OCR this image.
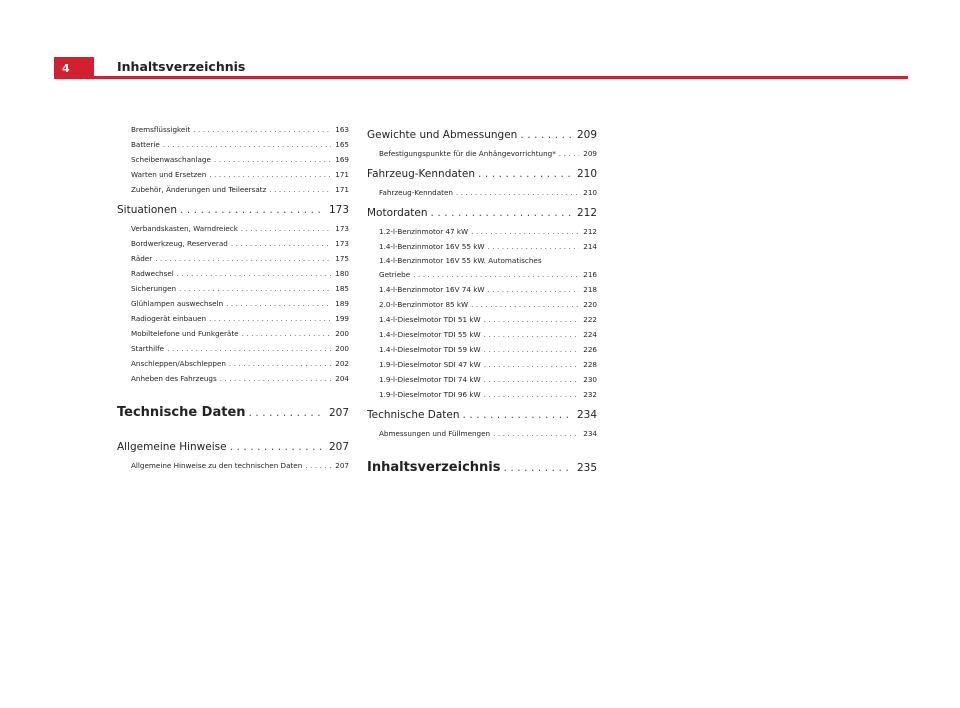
4	Inhaltsverzeichnis
Bremsflüssigkeit . . .	163
Batterie . . .	165
Scheibenwaschanlage . . .	169
Warten und Ersetzen . . .	171
Zubehör, Änderungen und Teileersatz . . .	171
Situationen . . .	173
Verbandskasten, Warndreieck . . .	173
Bordwerkzeug, Reserverad . . .	173
Räder . . .	175
Radwechsel . . .	180
Sicherungen . . .	185
Glühlampen auswechseln . . .	189
Radiogerät einbauen . . .	199
Mobiltelefone und Funkgeräte . . .	200
Starthilfe . . .	200
Anschleppen/Abschleppen . . .	202
Anheben des Fahrzeugs . . .	204
Technische Daten . . .	207
Allgemeine Hinweise . . .	207
Allgemeine Hinweise zu den technischen Daten . . .	207
Gewichte und Abmessungen . . .	209
Befestigungspunkte für die Anhängevorrichtung* . . .	209
Fahrzeug-Kenndaten . . .	210
Fahrzeug-Kenndaten . . .	210
Motordaten . . .	212
1.2-l-Benzinmotor 47 kW . . .	212
1.4-l-Benzinmotor 16V 55 kW . . .	214
1.4-l-Benzinmotor 16V 55 kW. Automatisches
Getriebe . . .	216
1.4-l-Benzinmotor 16V 74 kW . . .	218
2.0-l-Benzinmotor 85 kW . . .	220
1.4-l-Dieselmotor TDI 51 kW . . .	222
1.4-l-Dieselmotor TDI 55 kW . . .	224
1.4-l-Dieselmotor TDI 59 kW . . .	226
1.9-l-Dieselmotor SDI 47 kW . . .	228
1.9-l-Dieselmotor TDI 74 kW . . .	230
1.9-l-Dieselmotor TDI 96 kW . . .	232
Technische Daten . . .	234
Abmessungen und Füllmengen . . .	234
Inhaltsverzeichnis . . .	235
